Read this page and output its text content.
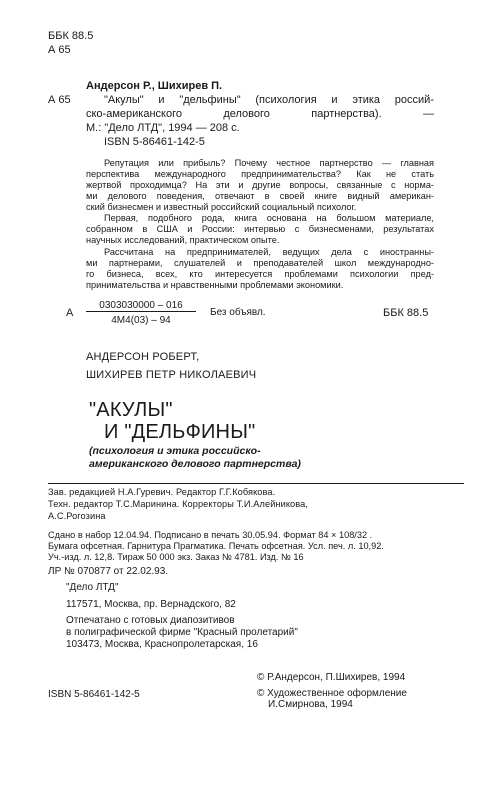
ББК 88.5
А 65
Андерсон Р., Шихирев П.
А 65	"Акулы" и "дельфины" (психология и этика россий-
ско-американского делового партнерства). —
М.: "Дело ЛТД", 1994 — 208 с.
ISBN 5-86461-142-5
Репутация или прибыль? Почему честное партнерство — главная
перспектива международного предпринимательства? Как не стать
жертвой проходимца? На эти и другие вопросы, связанные с норма-
ми делового поведения, отвечают в своей книге видный американ-
ский бизнесмен и известный российский социальный психолог.
Первая, подобного рода, книга основана на большом материале,
собранном в США и России: интервью с бизнесменами, результатах
научных исследований, практическом опыте.
Рассчитана на предпринимателей, ведущих дела с иностранны-
ми партнерами, слушателей и преподавателей школ международно-
го бизнеса, всех, кто интересуется проблемами психологии пред-
принимательства и нравственными проблемами экономики.
А
0303030000 – 016
4М4(03) – 94
Без объявл.	ББК 88.5
АНДЕРСОН РОБЕРТ,
ШИХИРЕВ ПЕТР НИКОЛАЕВИЧ
"АКУЛЫ"
И "ДЕЛЬФИНЫ"
(психология и этика российско-
американского делового партнерства)
Зав. редакцией Н.А.Гуревич. Редактор Г.Г.Кобякова.
Техн. редактор Т.С.Маринина. Корректоры Т.И.Алейникова,
А.С.Рогозина
Сдано в набор 12.04.94. Подписано в печать 30.05.94. Формат 84 × 108/32 .
Бумага офсетная. Гарнитура Прагматика. Печать офсетная. Усл. печ. л. 10,92.
Уч.-изд. л. 12,8. Тираж 50 000 экз. Заказ № 4781. Изд. № 16
ЛР № 070877 от 22.02.93.
"Дело ЛТД"
117571, Москва, пр. Вернадского, 82
Отпечатано с готовых диапозитивов
в полиграфической фирме "Красный пролетарий"
103473, Москва, Краснопролетарская, 16
© Р.Андерсон, П.Шихирев, 1994
© Художественное оформление
И.Смирнова, 1994
ISBN 5-86461-142-5
